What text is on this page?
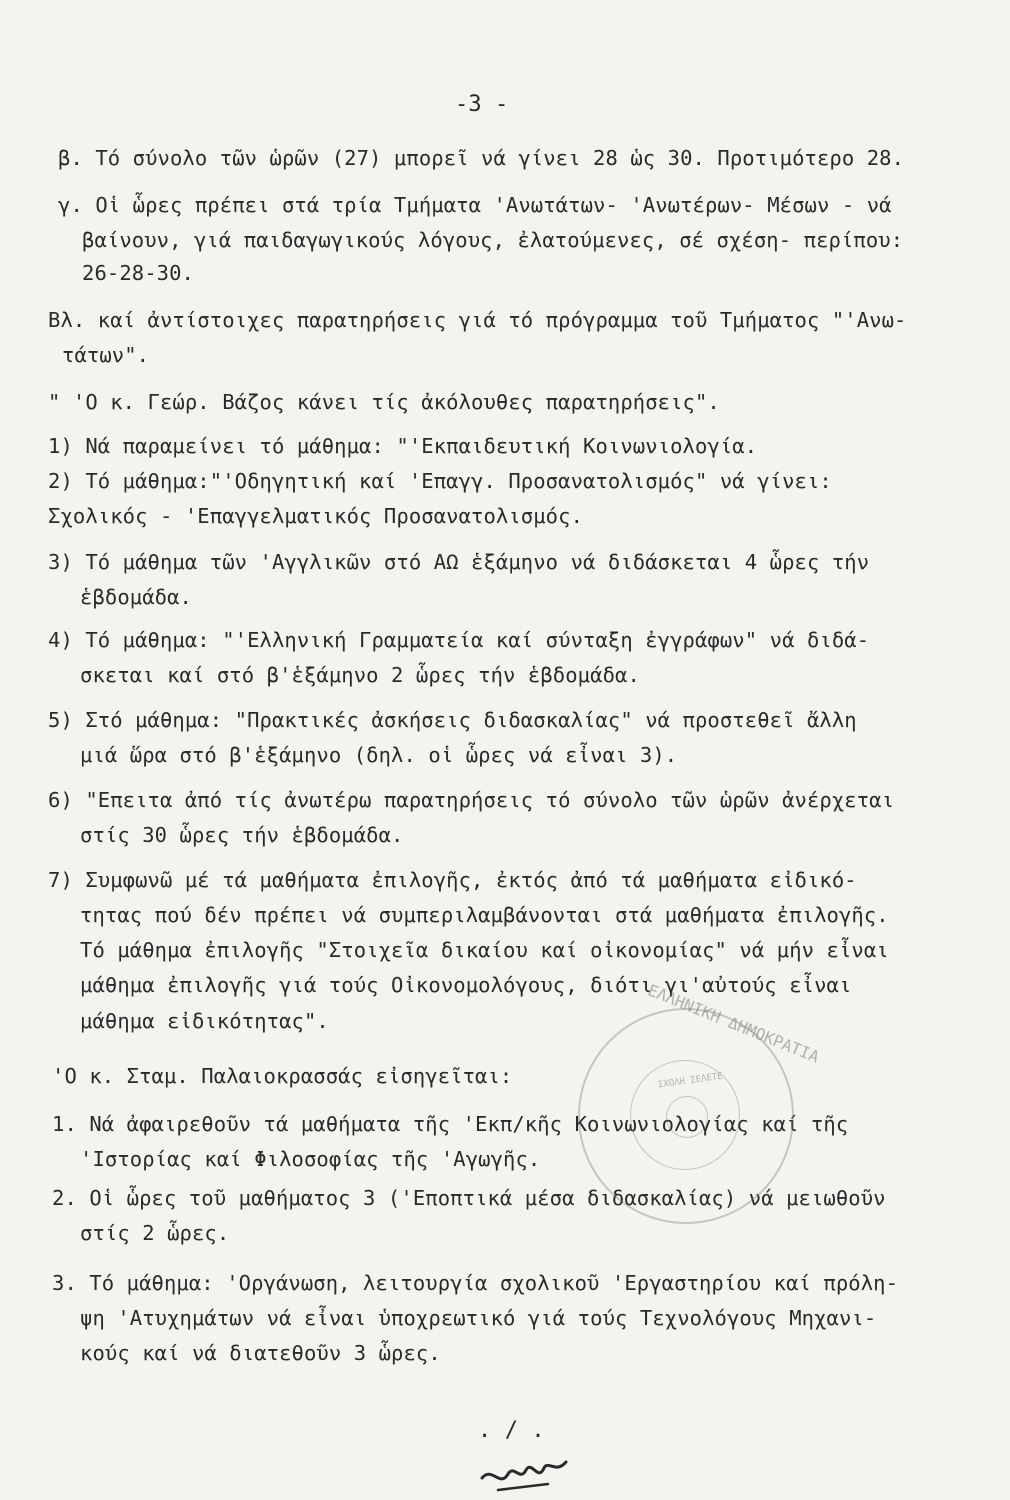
-3 -
β. Τό σύνολο τῶν ὡρῶν (27) μπορεῖ νά γίνει 28 ὡς 30. Προτιμότερο 28.
γ. Οἱ ὧρες πρέπει στά τρία Τμήματα 'Ανωτάτων- 'Ανωτέρων- Μέσων - νά
βαίνουν, γιά παιδαγωγικούς λόγους, ἐλατούμενες, σέ σχέση- περίπου:
26-28-30.
Βλ. καί ἀντίστοιχες παρατηρήσεις γιά τό πρόγραμμα τοῦ Τμήματος "'Ανω-
τάτων".
" 'Ο κ. Γεώρ. Βάζος κάνει τίς ἀκόλουθες παρατηρήσεις".
1) Νά παραμείνει τό μάθημα: "'Εκπαιδευτική Κοινωνιολογία.
2) Τό μάθημα:"'Οδηγητική καί 'Επαγγ. Προσανατολισμός" νά γίνει:
Σχολικός - 'Επαγγελματικός Προσανατολισμός.
3) Τό μάθημα τῶν 'Αγγλικῶν στό ΑΩ ἑξάμηνο νά διδάσκεται 4 ὧρες τήν
ἑβδομάδα.
4) Τό μάθημα: "'Ελληνική Γραμματεία καί σύνταξη ἐγγράφων" νά διδά-
σκεται καί στό β'ἑξάμηνο 2 ὧρες τήν ἑβδομάδα.
5) Στό μάθημα: "Πρακτικές ἀσκήσεις διδασκαλίας" νά προστεθεῖ ἄλλη
μιά ὥρα στό β'ἑξάμηνο (δηλ. οἱ ὧρες νά εἶναι 3).
6) "Επειτα ἀπό τίς ἀνωτέρω παρατηρήσεις τό σύνολο τῶν ὡρῶν ἀνέρχεται
στίς 30 ὧρες τήν ἑβδομάδα.
7) Συμφωνῶ μέ τά μαθήματα ἐπιλογῆς, ἐκτός ἀπό τά μαθήματα εἰδικό-
τητας πού δέν πρέπει νά συμπεριλαμβάνονται στά μαθήματα ἐπιλογῆς.
Τό μάθημα ἐπιλογῆς "Στοιχεῖα δικαίου καί οἰκονομίας" νά μήν εἶναι
μάθημα ἐπιλογῆς γιά τούς Οἰκονομολόγους, διότι γι'αὐτούς εἶναι
μάθημα εἰδικότητας".
'Ο κ. Σταμ. Παλαιοκρασσάς εἰσηγεῖται:
1. Νά ἀφαιρεθοῦν τά μαθήματα τῆς 'Εκπ/κῆς Κοινωνιολογίας καί τῆς
'Ιστορίας καί Φιλοσοφίας τῆς 'Αγωγῆς.
2. Οἱ ὧρες τοῦ μαθήματος 3 ('Εποπτικά μέσα διδασκαλίας) νά μειωθοῦν
στίς 2 ὧρες.
3. Τό μάθημα: 'Οργάνωση, λειτουργία σχολικοῦ 'Εργαστηρίου καί πρόλη-
ψη 'Ατυχημάτων νά εἶναι ὑποχρεωτικό γιά τούς Τεχνολόγους Μηχανι-
κούς καί νά διατεθοῦν 3 ὧρες.
. / .
ΕΛΛΗΝΙΚΗ ΔΗΜΟΚΡΑΤΙΑ
ΣΧΟΛΗ ΣΕΛΕΤΕ
